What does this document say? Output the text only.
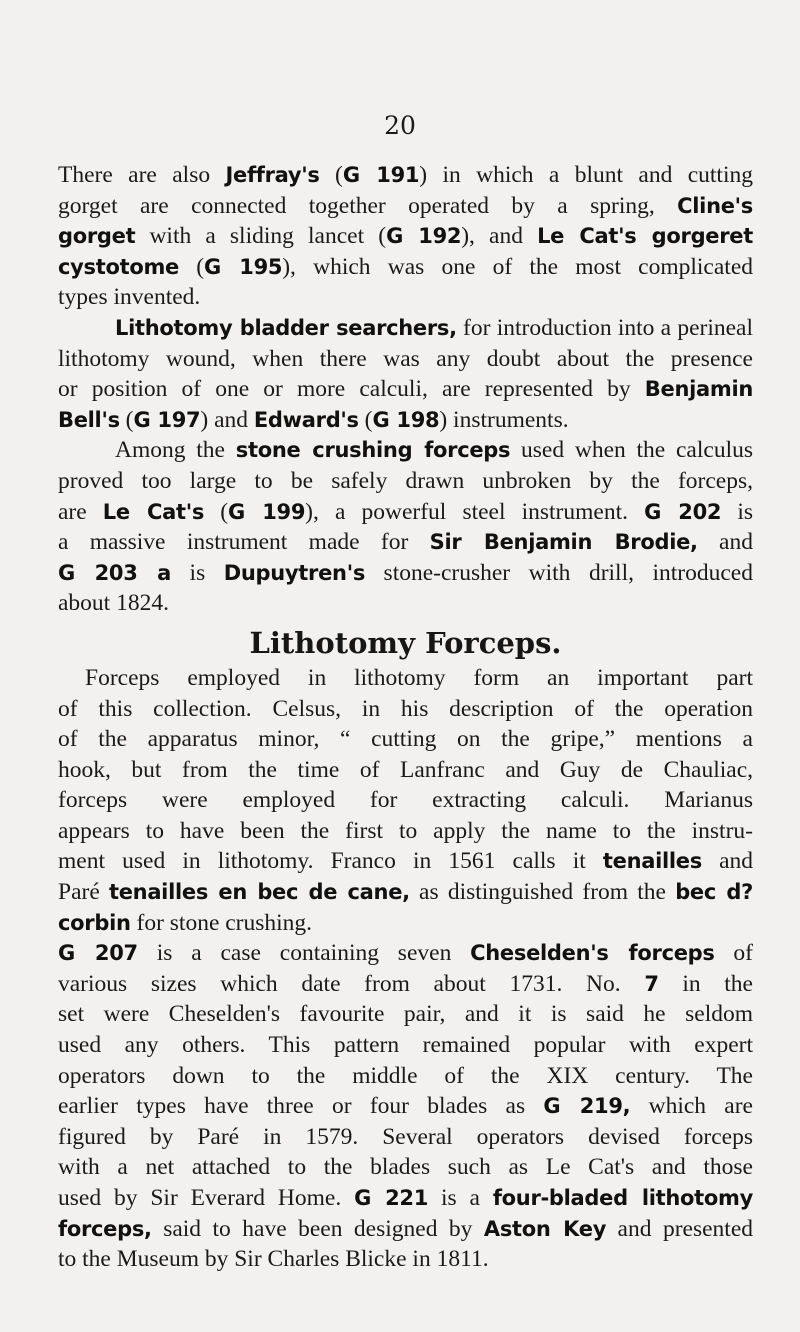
20

There are also Jeffray's (G 191) in which a blunt and cutting
gorget are connected together operated by a spring, Cline's
gorget with a sliding lancet (G 192), and Le Cat's gorgeret
cystotome (G 195), which was one of the most complicated
types invented.

Lithotomy bladder searchers, for introduction into a perineal
lithotomy wound, when there was any doubt about the presence
or position of one or more calculi, are represented by Benjamin
Bell's (G 197) and Edward's (G 198) instruments.

Among the stone crushing forceps used when the calculus
proved too large to be safely drawn unbroken by the forceps,
are Le Cat's (G 199), a powerful steel instrument. G 202 is
a massive instrument made for Sir Benjamin Brodie, and
G 203 a is Dupuytren's stone-crusher with drill, introduced
about 1824.

Lithotomy Forceps.

Forceps employed in lithotomy form an important part
of this collection. Celsus, in his description of the operation
of the apparatus minor, “ cutting on the gripe,” mentions a
hook, but from the time of Lanfranc and Guy de Chauliac,
forceps were employed for extracting calculi. Marianus
appears to have been the first to apply the name to the instru-
ment used in lithotomy. Franco in 1561 calls it tenailles and
Paré tenailles en bec de cane, as distinguished from the bec d?
corbin for stone crushing.

G 207 is a case containing seven Cheselden's forceps of
various sizes which date from about 1731. No. 7 in the
set were Cheselden's favourite pair, and it is said he seldom
used any others. This pattern remained popular with expert
operators down to the middle of the XIX century. The
earlier types have three or four blades as G 219, which are
figured by Paré in 1579. Several operators devised forceps
with a net attached to the blades such as Le Cat's and those
used by Sir Everard Home. G 221 is a four-bladed lithotomy
forceps, said to have been designed by Aston Key and presented
to the Museum by Sir Charles Blicke in 1811.
